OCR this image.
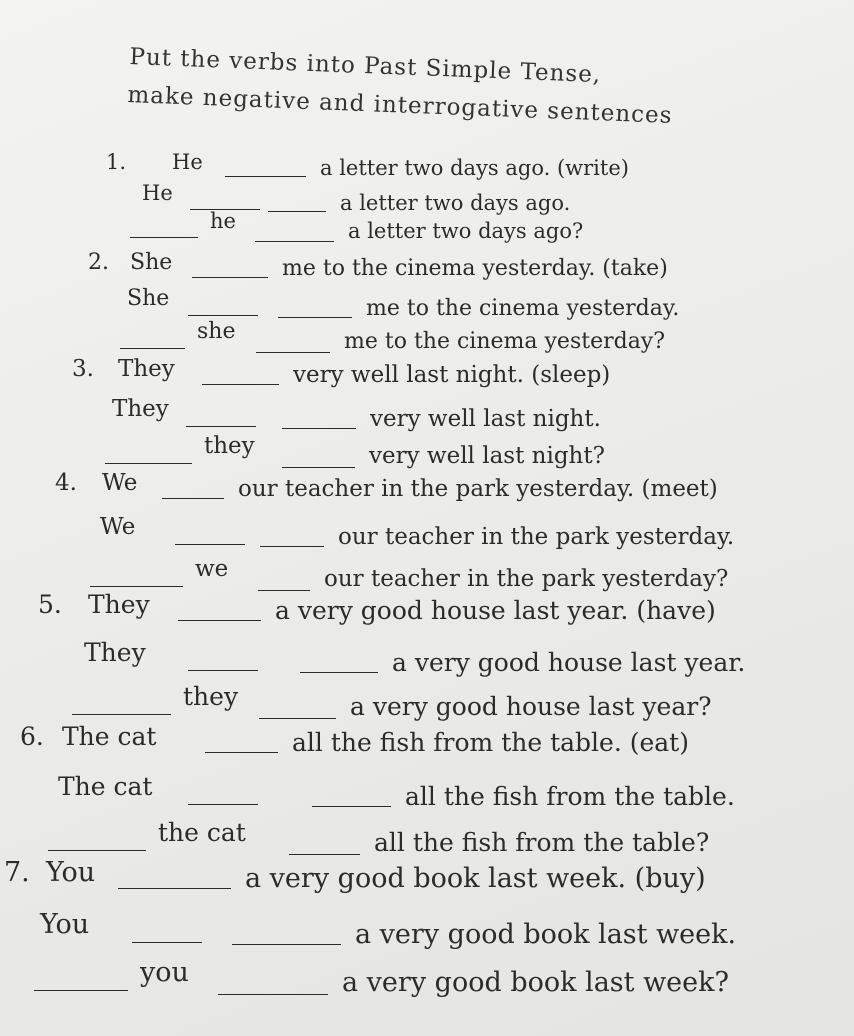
Put the verbs into Past Simple Tense,
make negative and interrogative sentences
1. He	a letter two days ago. (write)
He	a letter two days ago.
he	a letter two days ago?
2. She	me to the cinema yesterday. (take)
She	me to the cinema yesterday.
she	me to the cinema yesterday?
3. They	very well last night. (sleep)
They	very well last night.
they	very well last night?
4. We	our teacher in the park yesterday. (meet)
We	our teacher in the park yesterday.
we	our teacher in the park yesterday?
5. They	a very good house last year. (have)
They	a very good house last year.
they	a very good house last year?
6. The cat	all the fish from the table. (eat)
The cat	all the fish from the table.
the cat	all the fish from the table?
7. You	a very good book last week. (buy)
You	a very good book last week.
you	a very good book last week?
